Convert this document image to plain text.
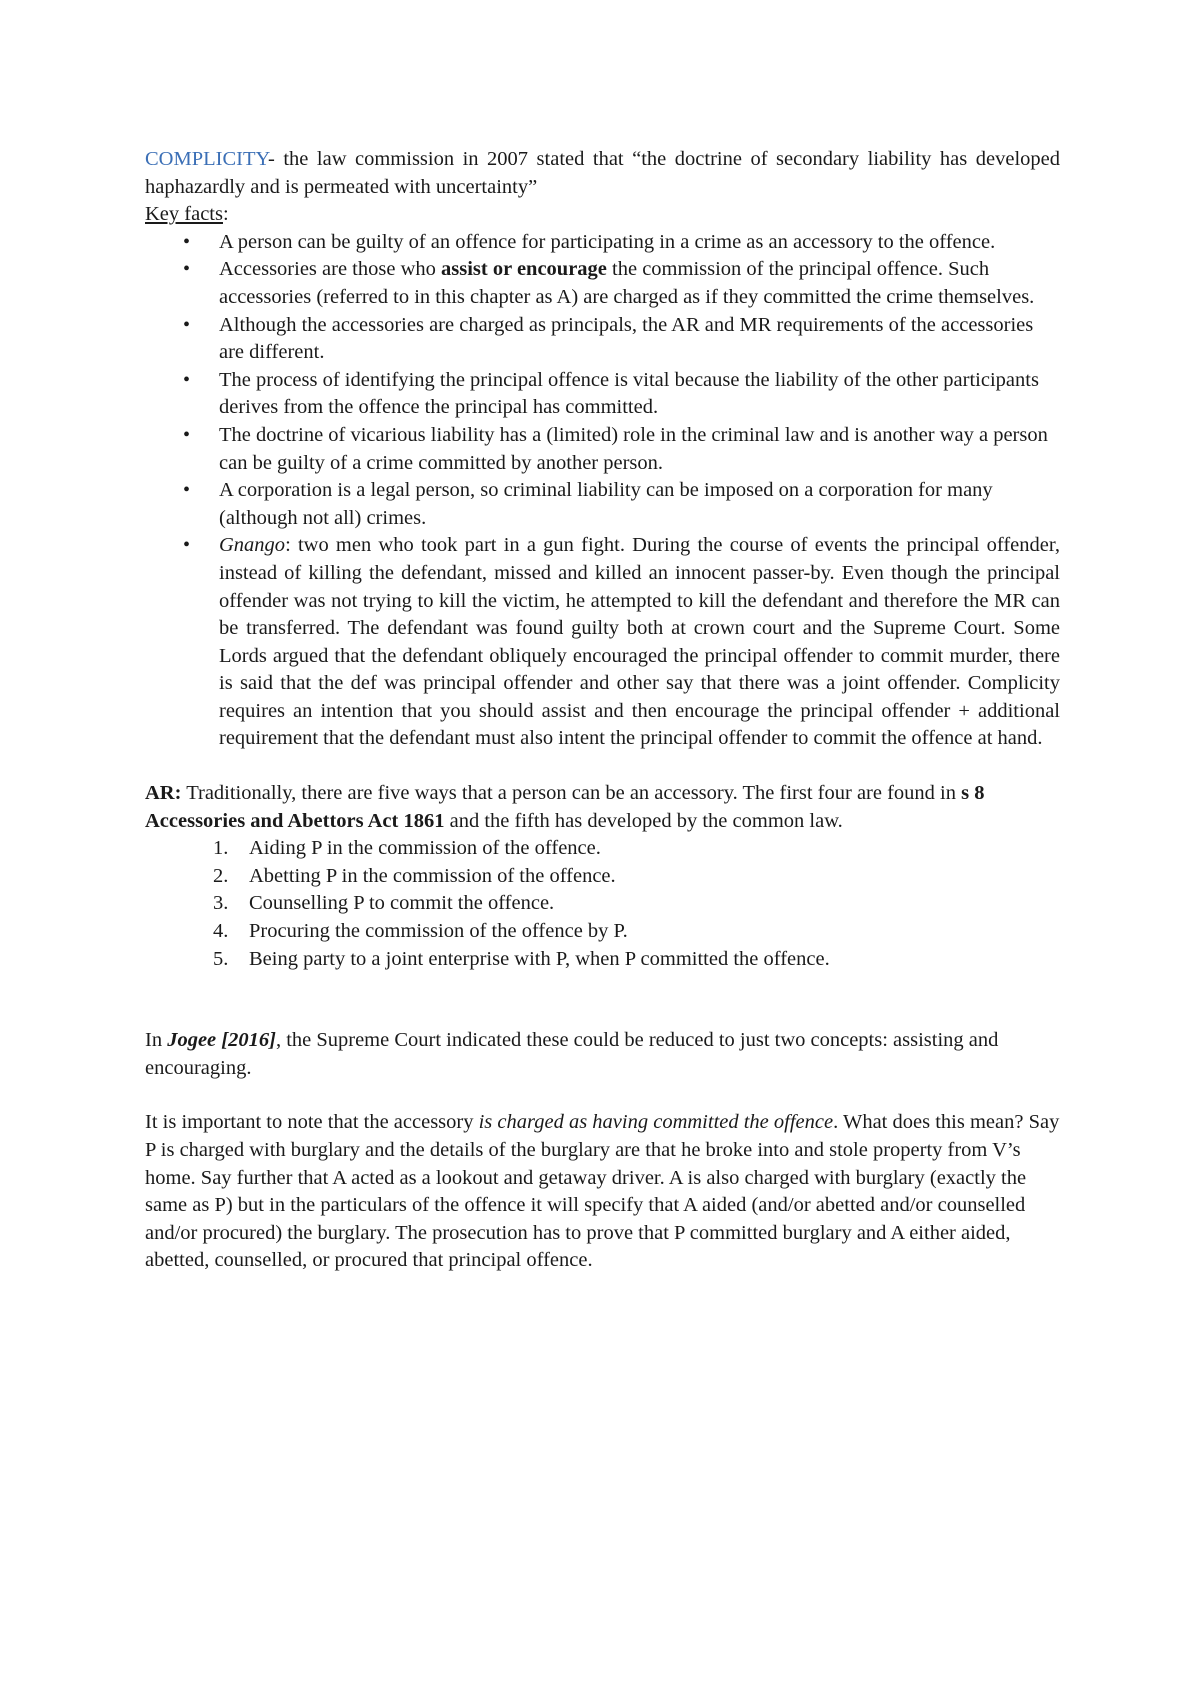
COMPLICITY- the law commission in 2007 stated that “the doctrine of secondary liability has developed haphazardly and is permeated with uncertainty”

Key facts:

• A person can be guilty of an offence for participating in a crime as an accessory to the offence.
• Accessories are those who assist or encourage the commission of the principal offence. Such accessories (referred to in this chapter as A) are charged as if they committed the crime themselves.
• Although the accessories are charged as principals, the AR and MR requirements of the accessories are different.
• The process of identifying the principal offence is vital because the liability of the other participants derives from the offence the principal has committed.
• The doctrine of vicarious liability has a (limited) role in the criminal law and is another way a person can be guilty of a crime committed by another person.
• A corporation is a legal person, so criminal liability can be imposed on a corporation for many (although not all) crimes.
• Gnango: two men who took part in a gun fight. During the course of events the principal offender, instead of killing the defendant, missed and killed an innocent passer-by. Even though the principal offender was not trying to kill the victim, he attempted to kill the defendant and therefore the MR can be transferred. The defendant was found guilty both at crown court and the Supreme Court. Some Lords argued that the defendant obliquely encouraged the principal offender to commit murder, there is said that the def was principal offender and other say that there was a joint offender. Complicity requires an intention that you should assist and then encourage the principal offender + additional requirement that the defendant must also intent the principal offender to commit the offence at hand.

AR: Traditionally, there are five ways that a person can be an accessory. The first four are found in s 8 Accessories and Abettors Act 1861 and the fifth has developed by the common law.

1. Aiding P in the commission of the offence.
2. Abetting P in the commission of the offence.
3. Counselling P to commit the offence.
4. Procuring the commission of the offence by P.
5. Being party to a joint enterprise with P, when P committed the offence.

In Jogee [2016], the Supreme Court indicated these could be reduced to just two concepts: assisting and encouraging.

It is important to note that the accessory is charged as having committed the offence. What does this mean? Say P is charged with burglary and the details of the burglary are that he broke into and stole property from V’s home. Say further that A acted as a lookout and getaway driver. A is also charged with burglary (exactly the same as P) but in the particulars of the offence it will specify that A aided (and/or abetted and/or counselled and/or procured) the burglary. The prosecution has to prove that P committed burglary and A either aided, abetted, counselled, or procured that principal offence.
